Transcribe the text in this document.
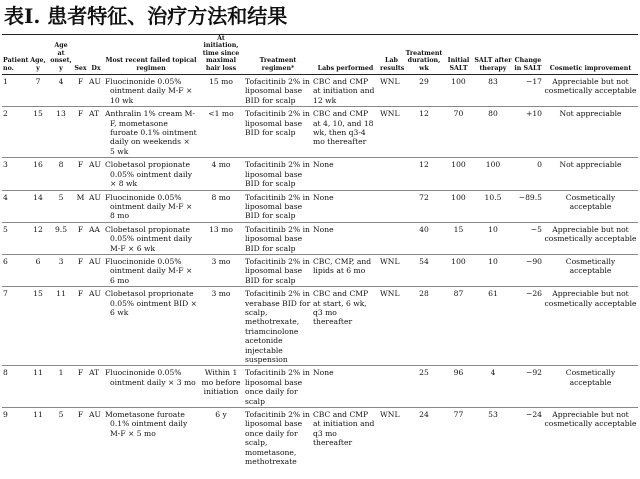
表I. 患者特征、治疗方法和结果
Patient no.	Age, y	Age at onset, y	Sex	Dx	Most recent failed topical regimen	At initiation, time since maximal hair loss	Treatment regimen*	Labs performed	Lab results	Treatment duration, wk	Initial SALT	SALT after therapy	Change in SALT	Cosmetic improvement
1	7	4	F	AU	Fluocinonide 0.05% ointment daily M-F × 10 wk	15 mo	Tofacitinib 2% in liposomal base BID for scalp	CBC and CMP at initiation and 12 wk	WNL	29	100	83	−17	Appreciable but not cosmetically acceptable
2	15	13	F	AT	Anthralin 1% cream M-F, mometasone furoate 0.1% ointment daily on weekends × 5 wk	<1 mo	Tofacitinib 2% in liposomal base BID for scalp	CBC and CMP at 4, 10, and 18 wk, then q3-4 mo thereafter	WNL	12	70	80	+10	Not appreciable
3	16	8	F	AU	Clobetasol propionate 0.05% ointment daily × 8 wk	4 mo	Tofacitinib 2% in liposomal base BID for scalp	None		12	100	100	0	Not appreciable
4	14	5	M	AU	Fluocinonide 0.05% ointment daily M-F × 8 mo	8 mo	Tofacitinib 2% in liposomal base BID for scalp	None		72	100	10.5	−89.5	Cosmetically acceptable
5	12	9.5	F	AA	Clobetasol propionate 0.05% ointment daily M-F × 6 wk	13 mo	Tofacitinib 2% in liposomal base BID for scalp	None		40	15	10	−5	Appreciable but not cosmetically acceptable
6	6	3	F	AU	Fluocinonide 0.05% ointment daily M-F × 6 mo	3 mo	Tofacitinib 2% in liposomal base BID for scalp	CBC, CMP, and lipids at 6 mo	WNL	54	100	10	−90	Cosmetically acceptable
7	15	11	F	AU	Clobetasol proprionate 0.05% ointment BID × 6 wk	3 mo	Tofacitinib 2% in verabase BID for scalp, methotrexate, triamcinolone acetonide injectable suspension	CBC and CMP at start, 6 wk, q3 mo thereafter	WNL	28	87	61	−26	Appreciable but not cosmetically acceptable
8	11	1	F	AT	Fluocinonide 0.05% ointment daily × 3 mo	Within 1 mo before initiation	Tofacitinib 2% in liposomal base once daily for scalp	None		25	96	4	−92	Cosmetically acceptable
9	11	5	F	AU	Mometasone furoate 0.1% ointment daily M-F × 5 mo	6 y	Tofacitinib 2% in liposomal base once daily for scalp, mometasone, methotrexate	CBC and CMP at initiation and q3 mo thereafter	WNL	24	77	53	−24	Appreciable but not cosmetically acceptable
